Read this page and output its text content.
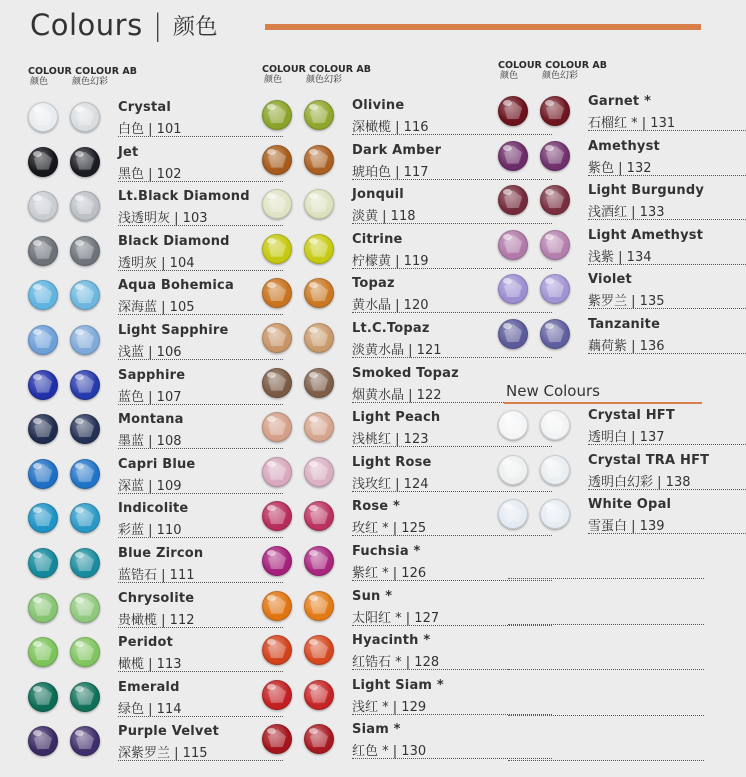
Colours | 颜色
COLOUR COLOUR AB
颜色	颜色幻彩
Crystal
白色 | 101
Jet
黑色 | 102
Lt.Black Diamond
浅透明灰 | 103
Black Diamond
透明灰 | 104
Aqua Bohemica
深海蓝 | 105
Light Sapphire
浅蓝 | 106
Sapphire
蓝色 | 107
Montana
墨蓝 | 108
Capri Blue
深蓝 | 109
Indicolite
彩蓝 | 110
Blue Zircon
蓝锆石 | 111
Chrysolite
贵橄榄 | 112
Peridot
橄榄 | 113
Emerald
绿色 | 114
Purple Velvet
深紫罗兰 | 115
COLOUR COLOUR AB
颜色	颜色幻彩
Olivine
深橄榄 | 116
Dark Amber
琥珀色 | 117
Jonquil
淡黄 | 118
Citrine
柠檬黄 | 119
Topaz
黄水晶 | 120
Lt.C.Topaz
淡黄水晶 | 121
Smoked Topaz
烟黄水晶 | 122
Light Peach
浅桃红 | 123
Light Rose
浅玫红 | 124
Rose *
玫红 * | 125
Fuchsia *
紫红 * | 126
Sun *
太阳红 * | 127
Hyacinth *
红锆石 * | 128
Light Siam *
浅红 * | 129
Siam *
红色 * | 130
COLOUR COLOUR AB
颜色	颜色幻彩
Garnet *
石榴红 * | 131
Amethyst
紫色 | 132
Light Burgundy
浅酒红 | 133
Light Amethyst
浅紫 | 134
Violet
紫罗兰 | 135
Tanzanite
藕荷紫 | 136
New Colours
Crystal HFT
透明白 | 137
Crystal TRA HFT
透明白幻彩 | 138
White Opal
雪蛋白 | 139
